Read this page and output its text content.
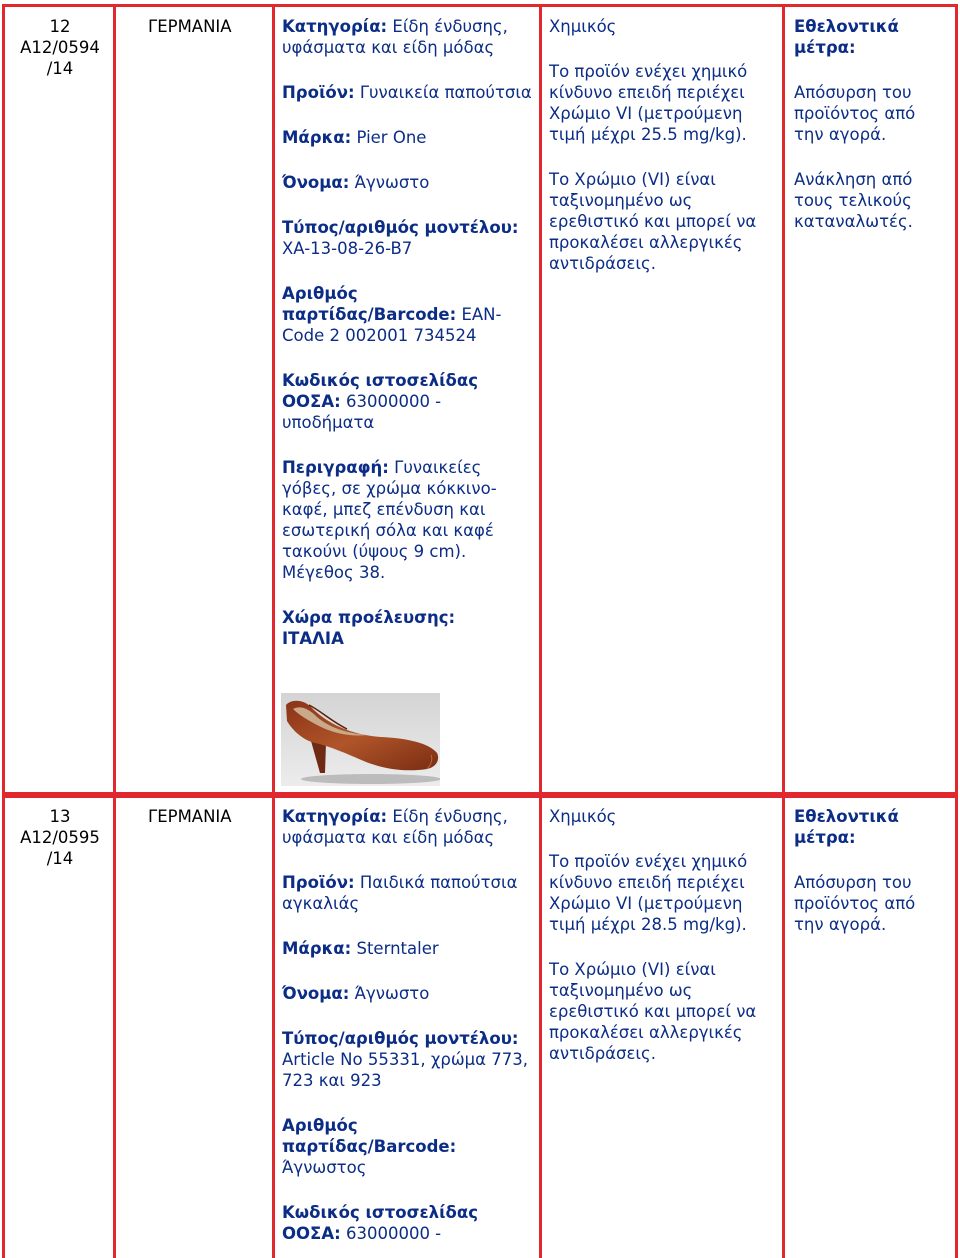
12
A12/0594
/14
ΓΕΡΜΑΝΙΑ	Κατηγορία: Είδη ένδυσης, υφάσματα και είδη μόδας
Προϊόν: Γυναικεία παπούτσια
Μάρκα: Pier One
Όνομα: Άγνωστο
Τύπος/αριθμός μοντέλου: XA-13-08-26-B7
Αριθμός παρτίδας/Barcode: EAN-Code 2 002001 734524
Κωδικός ιστοσελίδας ΟΟΣΑ: 63000000 - υποδήματα
Περιγραφή: Γυναικείες γόβες, σε χρώμα κόκκινο-καφέ, μπεζ επένδυση και εσωτερική σόλα και καφέ τακούνι (ύψους 9 cm). Μέγεθος 38.
Χώρα προέλευσης:
ΙΤΑΛΙΑ
Χημικός
Το προϊόν ενέχει χημικό κίνδυνο επειδή περιέχει Χρώμιο VI (μετρούμενη τιμή μέχρι 25.5 mg/kg).
Το Χρώμιο (VI) είναι ταξινομημένο ως ερεθιστικό και μπορεί να προκαλέσει αλλεργικές αντιδράσεις.
Εθελοντικά μέτρα:
Απόσυρση του προϊόντος από την αγορά.
Ανάκληση από τους τελικούς καταναλωτές.
13
A12/0595
/14
ΓΕΡΜΑΝΙΑ	Κατηγορία: Είδη ένδυσης, υφάσματα και είδη μόδας
Προϊόν: Παιδικά παπούτσια αγκαλιάς
Μάρκα: Sterntaler
Όνομα: Άγνωστο
Τύπος/αριθμός μοντέλου: Article No 55331, χρώμα 773, 723 και 923
Αριθμός παρτίδας/Barcode: Άγνωστος
Κωδικός ιστοσελίδας ΟΟΣΑ: 63000000 -
Χημικός
Το προϊόν ενέχει χημικό κίνδυνο επειδή περιέχει Χρώμιο VI (μετρούμενη τιμή μέχρι 28.5 mg/kg).
Το Χρώμιο (VI) είναι ταξινομημένο ως ερεθιστικό και μπορεί να προκαλέσει αλλεργικές αντιδράσεις.
Εθελοντικά μέτρα:
Απόσυρση του προϊόντος από την αγορά.
